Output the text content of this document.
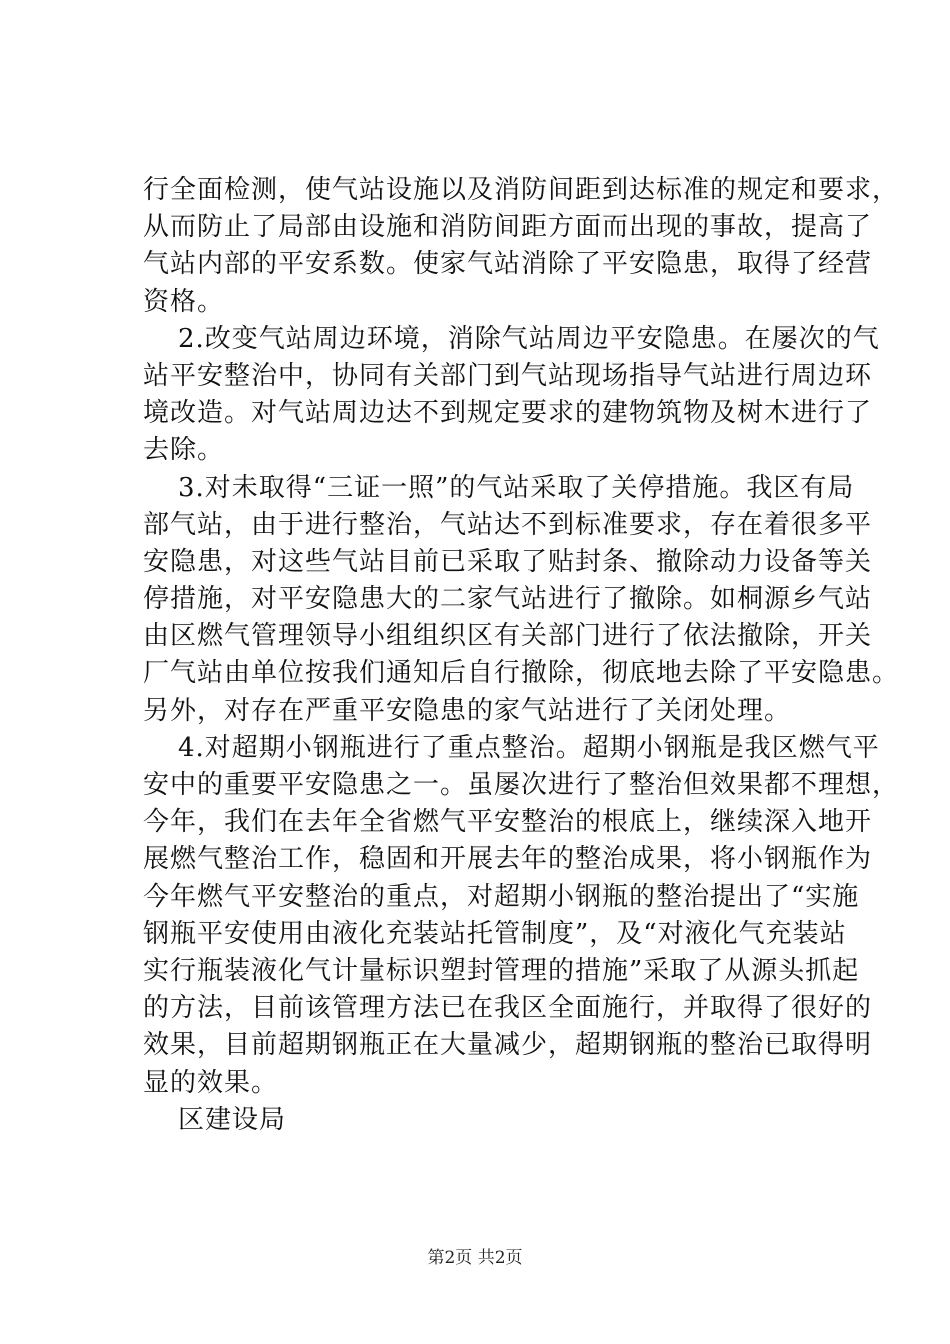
行全面检测，使气站设施以及消防间距到达标准的规定和要求，
从而防止了局部由设施和消防间距方面而出现的事故，提高了
气站内部的平安系数。使家气站消除了平安隐患，取得了经营
资格。
2.改变气站周边环境，消除气站周边平安隐患。在屡次的气
站平安整治中，协同有关部门到气站现场指导气站进行周边环
境改造。对气站周边达不到规定要求的建物筑物及树木进行了
去除。
3.对未取得“三证一照”的气站采取了关停措施。我区有局
部气站，由于进行整治，气站达不到标准要求，存在着很多平
安隐患，对这些气站目前已采取了贴封条、撤除动力设备等关
停措施，对平安隐患大的二家气站进行了撤除。如桐源乡气站
由区燃气管理领导小组组织区有关部门进行了依法撤除，开关
厂气站由单位按我们通知后自行撤除，彻底地去除了平安隐患。
另外，对存在严重平安隐患的家气站进行了关闭处理。
4.对超期小钢瓶进行了重点整治。超期小钢瓶是我区燃气平
安中的重要平安隐患之一。虽屡次进行了整治但效果都不理想，
今年，我们在去年全省燃气平安整治的根底上，继续深入地开
展燃气整治工作，稳固和开展去年的整治成果，将小钢瓶作为
今年燃气平安整治的重点，对超期小钢瓶的整治提出了“实施
钢瓶平安使用由液化充装站托管制度”，及“对液化气充装站
实行瓶装液化气计量标识塑封管理的措施”采取了从源头抓起
的方法，目前该管理方法已在我区全面施行，并取得了很好的
效果，目前超期钢瓶正在大量减少，超期钢瓶的整治已取得明
显的效果。
区建设局
第2页 共2页
